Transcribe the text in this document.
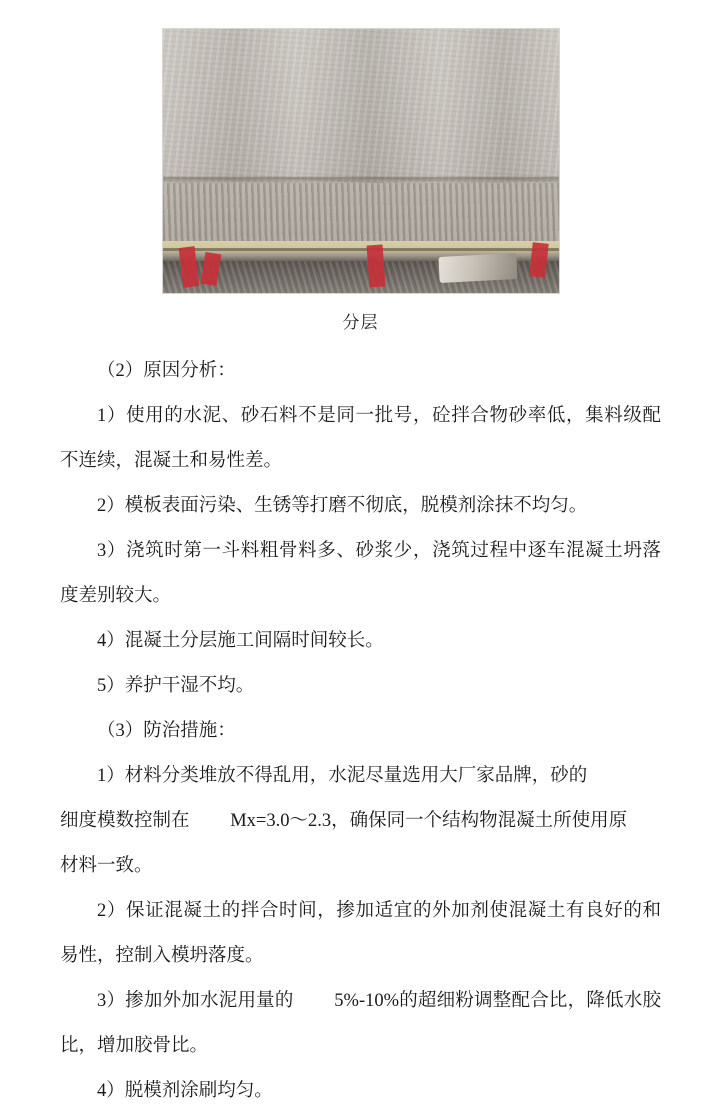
分层

（2）原因分析：

1）使用的水泥、砂石料不是同一批号，砼拌合物砂率低，集料级配不连续，混凝土和易性差。

2）模板表面污染、生锈等打磨不彻底，脱模剂涂抹不均匀。

3）浇筑时第一斗料粗骨料多、砂浆少，浇筑过程中逐车混凝土坍落度差别较大。

4）混凝土分层施工间隔时间较长。

5）养护干湿不均。

（3）防治措施：

1）材料分类堆放不得乱用，水泥尽量选用大厂家品牌，砂的

细度模数控制在 Mx=3.0～2.3，确保同一个结构物混凝土所使用原

材料一致。

2）保证混凝土的拌合时间，掺加适宜的外加剂使混凝土有良好的和易性，控制入模坍落度。

3）掺加外加水泥用量的 5%-10%的超细粉调整配合比，降低水胶比，增加胶骨比。

4）脱模剂涂刷均匀。
